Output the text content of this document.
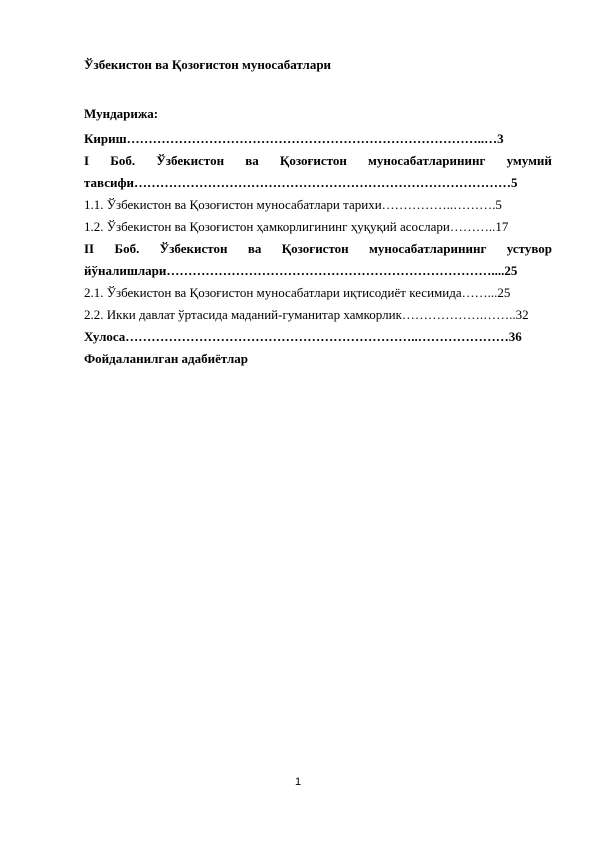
Ўзбекистон ва Қозоғистон муносабатлари
Мундарижа:
Кириш………………………………………………………………………..…3
I Боб. Ўзбекистон ва Қозоғистон муносабатларининг умумий
тавсифи……………………………………………………………………………5
1.1. Ўзбекистон ва Қозоғистон муносабатлари тарихи……………..……….5
1.2. Ўзбекистон ва Қозоғистон ҳамкорлигининг ҳуқуқий асослари………..17
II Боб. Ўзбекистон ва Қозоғистон муносабатларининг устувор
йўналишлари…………………………………………………………………....25
2.1. Ўзбекистон ва Қозоғистон муносабатлари иқтисодиёт кесимида……...25
2.2. Икки давлат ўртасида маданий-гуманитар хамкорлик……………….……..32
Хулоса…………………………………………………………..…………………36
Фойдаланилган адабиётлар
1
